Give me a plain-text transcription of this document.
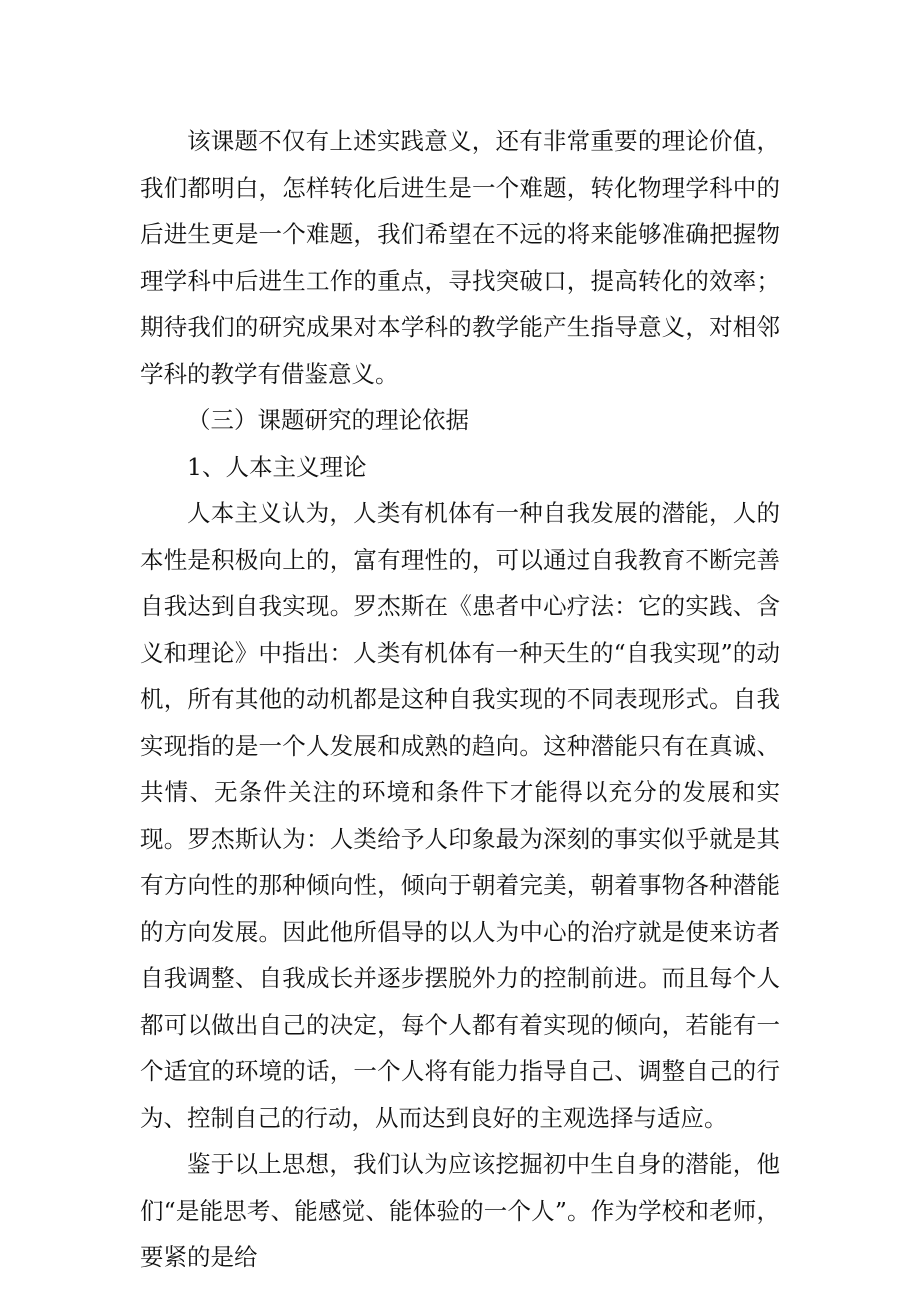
该课题不仅有上述实践意义，还有非常重要的理论价值，我们都明白，怎样转化后进生是一个难题，转化物理学科中的后进生更是一个难题，我们希望在不远的将来能够准确把握物理学科中后进生工作的重点，寻找突破口，提高转化的效率；期待我们的研究成果对本学科的教学能产生指导意义，对相邻学科的教学有借鉴意义。

（三）课题研究的理论依据

1、人本主义理论

人本主义认为，人类有机体有一种自我发展的潜能，人的本性是积极向上的，富有理性的，可以通过自我教育不断完善自我达到自我实现。罗杰斯在《患者中心疗法：它的实践、含义和理论》中指出：人类有机体有一种天生的“自我实现”的动机，所有其他的动机都是这种自我实现的不同表现形式。自我实现指的是一个人发展和成熟的趋向。这种潜能只有在真诚、共情、无条件关注的环境和条件下才能得以充分的发展和实现。罗杰斯认为：人类给予人印象最为深刻的事实似乎就是其有方向性的那种倾向性，倾向于朝着完美，朝着事物各种潜能的方向发展。因此他所倡导的以人为中心的治疗就是使来访者自我调整、自我成长并逐步摆脱外力的控制前进。而且每个人都可以做出自己的决定，每个人都有着实现的倾向，若能有一个适宜的环境的话，一个人将有能力指导自己、调整自己的行为、控制自己的行动，从而达到良好的主观选择与适应。

鉴于以上思想，我们认为应该挖掘初中生自身的潜能，他们“是能思考、能感觉、能体验的一个人”。作为学校和老师，要紧的是给
